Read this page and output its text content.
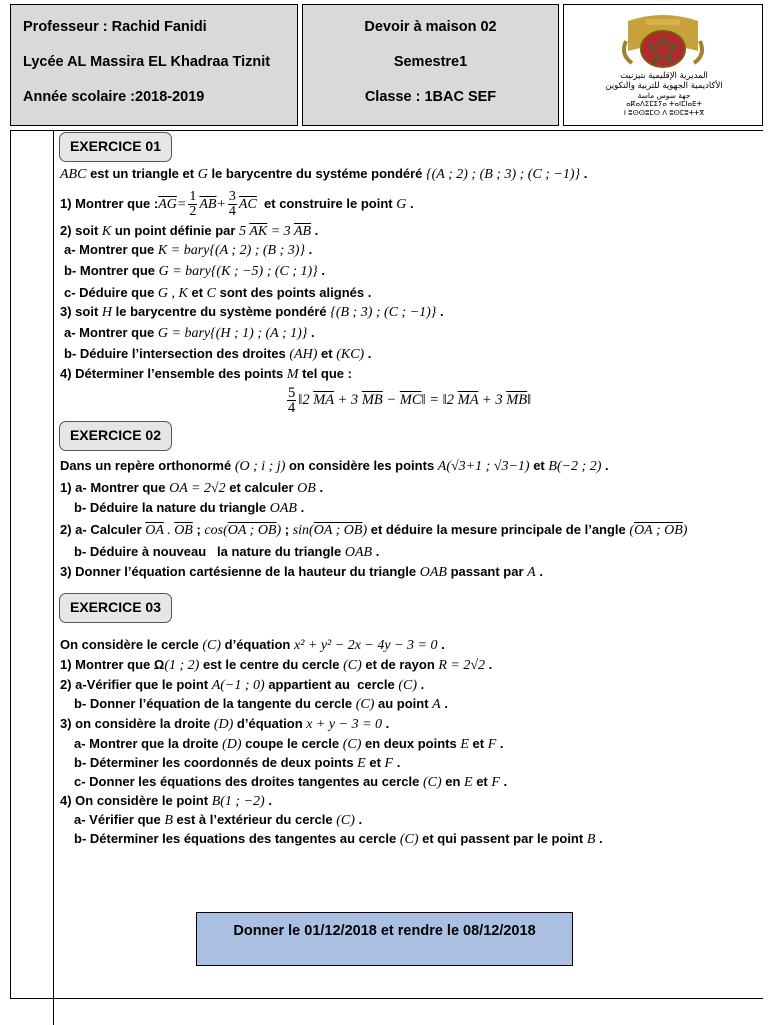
Professeur : Rachid Fanidi
Lycée AL Massira EL Khadraa Tiznit
Année scolaire :2018-2019
Devoir à maison 02
Semestre1
Classe : 1BAC SEF
المديرية الإقليمية بتيزنيت
الأكاديمية الجهوية للتربية والتكوين
جهة سوس ماسة
ⴰⴽⴰⴷⵉⵎⵉⵢⴰ ⵜⴰⵏⵎⵏⴰⴹⵜ
ⵏ ⵓⵙⵙⵓⵎⵔ ⴷ ⵓⵙⵎⵓⵜⵜⴳ
EXERCICE 01
ABC est un triangle et G le barycentre du systéme pondéré {(A ; 2) ; (B ; 3) ; (C ; −1)} .
1) Montrer que $:\overline{AG}= \frac{1}{2} \overline{AB}+ \frac{3}{4} \overline{AC}$  et construire le point G .
2) soit K un point définie par 5 $\overline{AK} = 3$ $\overline{AB}$ .
a- Montrer que K = bary{(A ; 2) ; (B ; 3)} .
b- Montrer que G = bary{(K ; −5) ; (C ; 1)} .
c- Déduire que G , K et C sont des points alignés .
3) soit H le barycentre du système pondéré {(B ; 3) ; (C ; −1)} .
a- Montrer que G = bary{(H ; 1) ; (A ; 1)} .
b- Déduire l’intersection des droites (AH) et (KC) .
4) Déterminer l’ensemble des points M tel que :
$\frac{5}{4}$ ‖2 $\overline{MA} + 3$ $\overline{MB}$ − $\overline{MC}‖$ = ‖2 $\overline{MA} + 3$ $\overline{MB}‖$
EXERCICE 02
Dans un repère orthonormé (O ; i ; j) on considère les points A(√3+1 ; √3−1) et B(−2 ; 2) .
1) a- Montrer que OA = 2√2 et calculer OB .
b- Déduire la nature du triangle OAB .
2) a- Calculer $\overline{OA}$ . $\overline{OB}$ ; cos(OA ; OB) ; sin(OA ; OB) et déduire la mesure principale de l’angle (OA ; OB)
b- Déduire à nouveau   la nature du triangle OAB .
3) Donner l’équation cartésienne de la hauteur du triangle OAB passant par A .
EXERCICE 03
On considère le cercle (C) d’équation x² + y² − 2x − 4y − 3 = 0 .
1) Montrer que Ω(1 ; 2) est le centre du cercle (C) et de rayon R = 2√2 .
2) a-Vérifier que le point A(−1 ; 0) appartient au  cercle (C) .
b- Donner l’équation de la tangente du cercle (C) au point A .
3) on considère la droite (D) d’équation x + y − 3 = 0 .
a- Montrer que la droite (D) coupe le cercle (C) en deux points E et F .
b- Déterminer les coordonnés de deux points E et F .
c- Donner les équations des droites tangentes au cercle (C) en E et F .
4) On considère le point B(1 ; −2) .
a- Vérifier que B est à l’extérieur du cercle (C) .
b- Déterminer les équations des tangentes au cercle (C) et qui passent par le point B .
Donner le 01/12/2018 et rendre le 08/12/2018
